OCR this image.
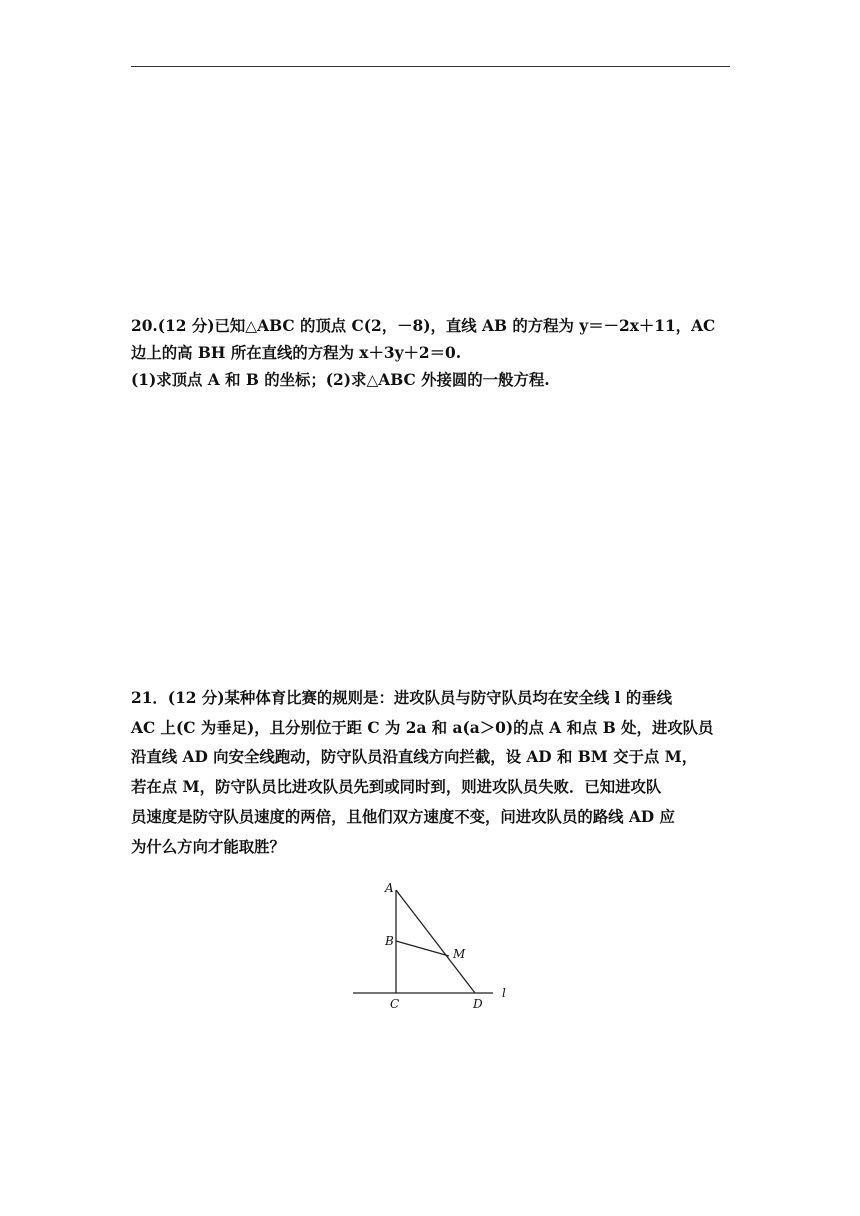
20.(12 分)已知△ABC 的顶点 C(2，－8)，直线 AB 的方程为 y＝－2x＋11，AC

边上的高 BH 所在直线的方程为 x＋3y＋2＝0.

(1)求顶点 A 和 B 的坐标；(2)求△ABC 外接圆的一般方程.

21．(12 分)某种体育比赛的规则是：进攻队员与防守队员均在安全线 l 的垂线

AC 上(C 为垂足)，且分别位于距 C 为 2a 和 a(a＞0)的点 A 和点 B 处，进攻队员

沿直线 AD 向安全线跑动，防守队员沿直线方向拦截，设 AD 和 BM 交于点 M，

若在点 M，防守队员比进攻队员先到或同时到，则进攻队员失败．已知进攻队

员速度是防守队员速度的两倍，且他们双方速度不变，问进攻队员的路线 AD 应

为什么方向才能取胜？

A
B
M
C	D
l
